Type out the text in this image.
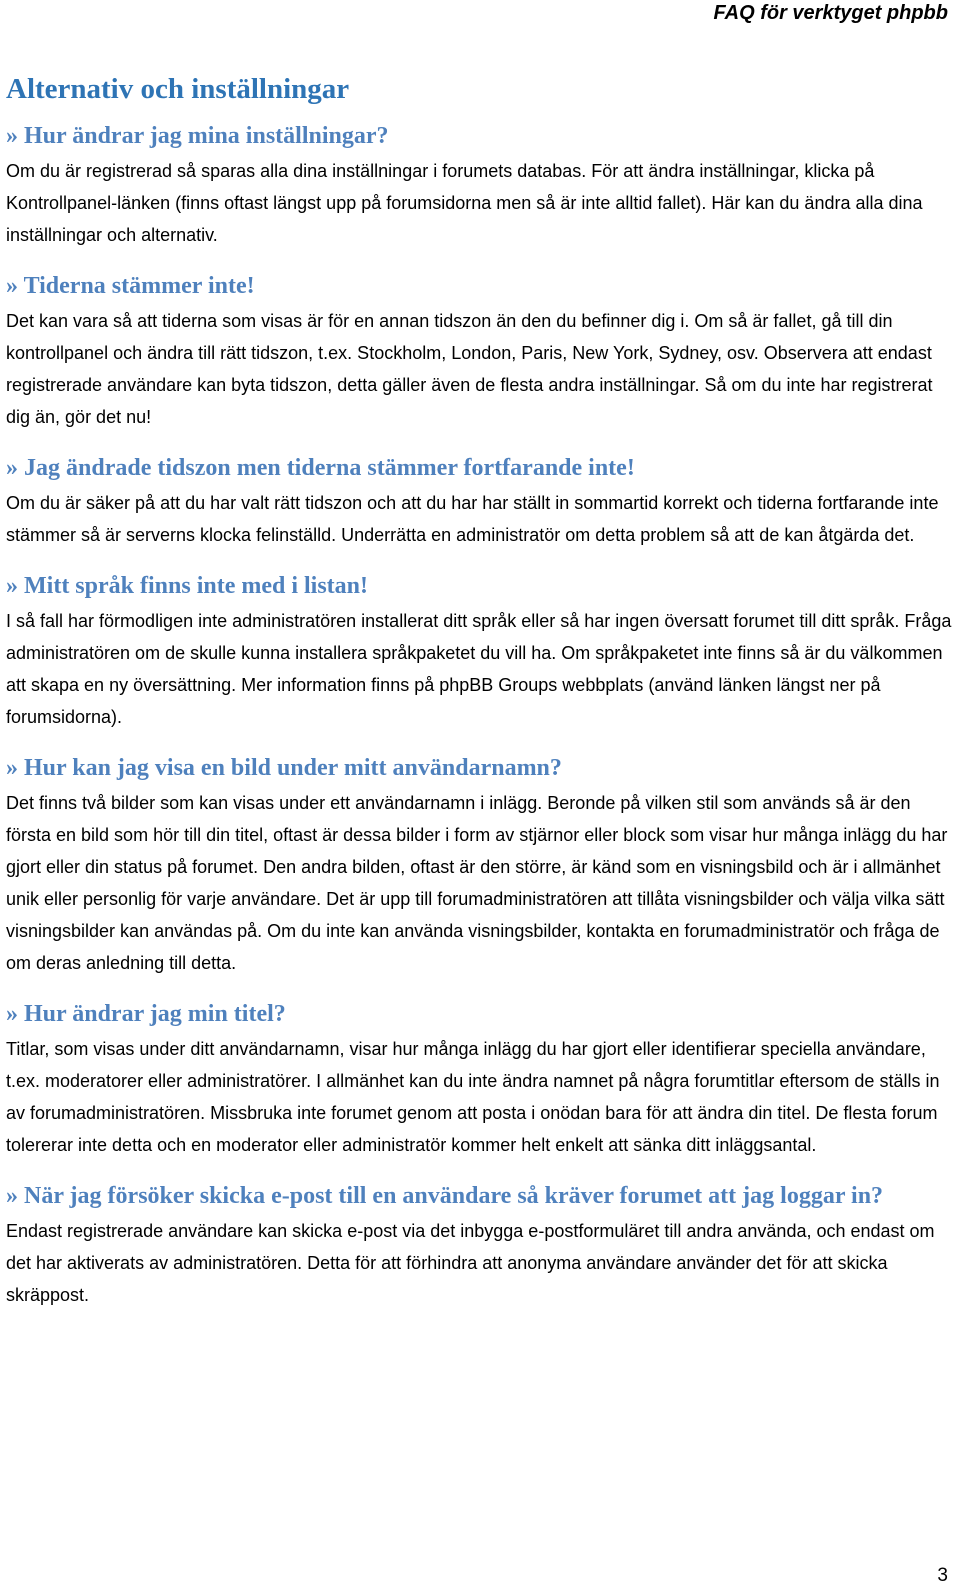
FAQ för verktyget phpbb
Alternativ och inställningar
» Hur ändrar jag mina inställningar?

Om du är registrerad så sparas alla dina inställningar i forumets databas. För att ändra inställningar, klicka på Kontrollpanel-länken (finns oftast längst upp på forumsidorna men så är inte alltid fallet). Här kan du ändra alla dina inställningar och alternativ.

» Tiderna stämmer inte!

Det kan vara så att tiderna som visas är för en annan tidszon än den du befinner dig i. Om så är fallet, gå till din kontrollpanel och ändra till rätt tidszon, t.ex. Stockholm, London, Paris, New York, Sydney, osv. Observera att endast registrerade användare kan byta tidszon, detta gäller även de flesta andra inställningar. Så om du inte har registrerat dig än, gör det nu!

» Jag ändrade tidszon men tiderna stämmer fortfarande inte!

Om du är säker på att du har valt rätt tidszon och att du har har ställt in sommartid korrekt och tiderna fortfarande inte stämmer så är serverns klocka felinställd. Underrätta en administratör om detta problem så att de kan åtgärda det.

» Mitt språk finns inte med i listan!

I så fall har förmodligen inte administratören installerat ditt språk eller så har ingen översatt forumet till ditt språk. Fråga administratören om de skulle kunna installera språkpaketet du vill ha. Om språkpaketet inte finns så är du välkommen att skapa en ny översättning. Mer information finns på phpBB Groups webbplats (använd länken längst ner på forumsidorna).

» Hur kan jag visa en bild under mitt användarnamn?

Det finns två bilder som kan visas under ett användarnamn i inlägg. Beronde på vilken stil som används så är den första en bild som hör till din titel, oftast är dessa bilder i form av stjärnor eller block som visar hur många inlägg du har gjort eller din status på forumet. Den andra bilden, oftast är den större, är känd som en visningsbild och är i allmänhet unik eller personlig för varje användare. Det är upp till forumadministratören att tillåta visningsbilder och välja vilka sätt visningsbilder kan användas på. Om du inte kan använda visningsbilder, kontakta en forumadministratör och fråga de om deras anledning till detta.

» Hur ändrar jag min titel?

Titlar, som visas under ditt användarnamn, visar hur många inlägg du har gjort eller identifierar speciella användare, t.ex. moderatorer eller administratörer. I allmänhet kan du inte ändra namnet på några forumtitlar eftersom de ställs in av forumadministratören. Missbruka inte forumet genom att posta i onödan bara för att ändra din titel. De flesta forum tolererar inte detta och en moderator eller administratör kommer helt enkelt att sänka ditt inläggsantal.

» När jag försöker skicka e-post till en användare så kräver forumet att jag loggar in?

Endast registrerade användare kan skicka e-post via det inbygga e-postformuläret till andra använda, och endast om det har aktiverats av administratören. Detta för att förhindra att anonyma användare använder det för att skicka skräppost.

3
